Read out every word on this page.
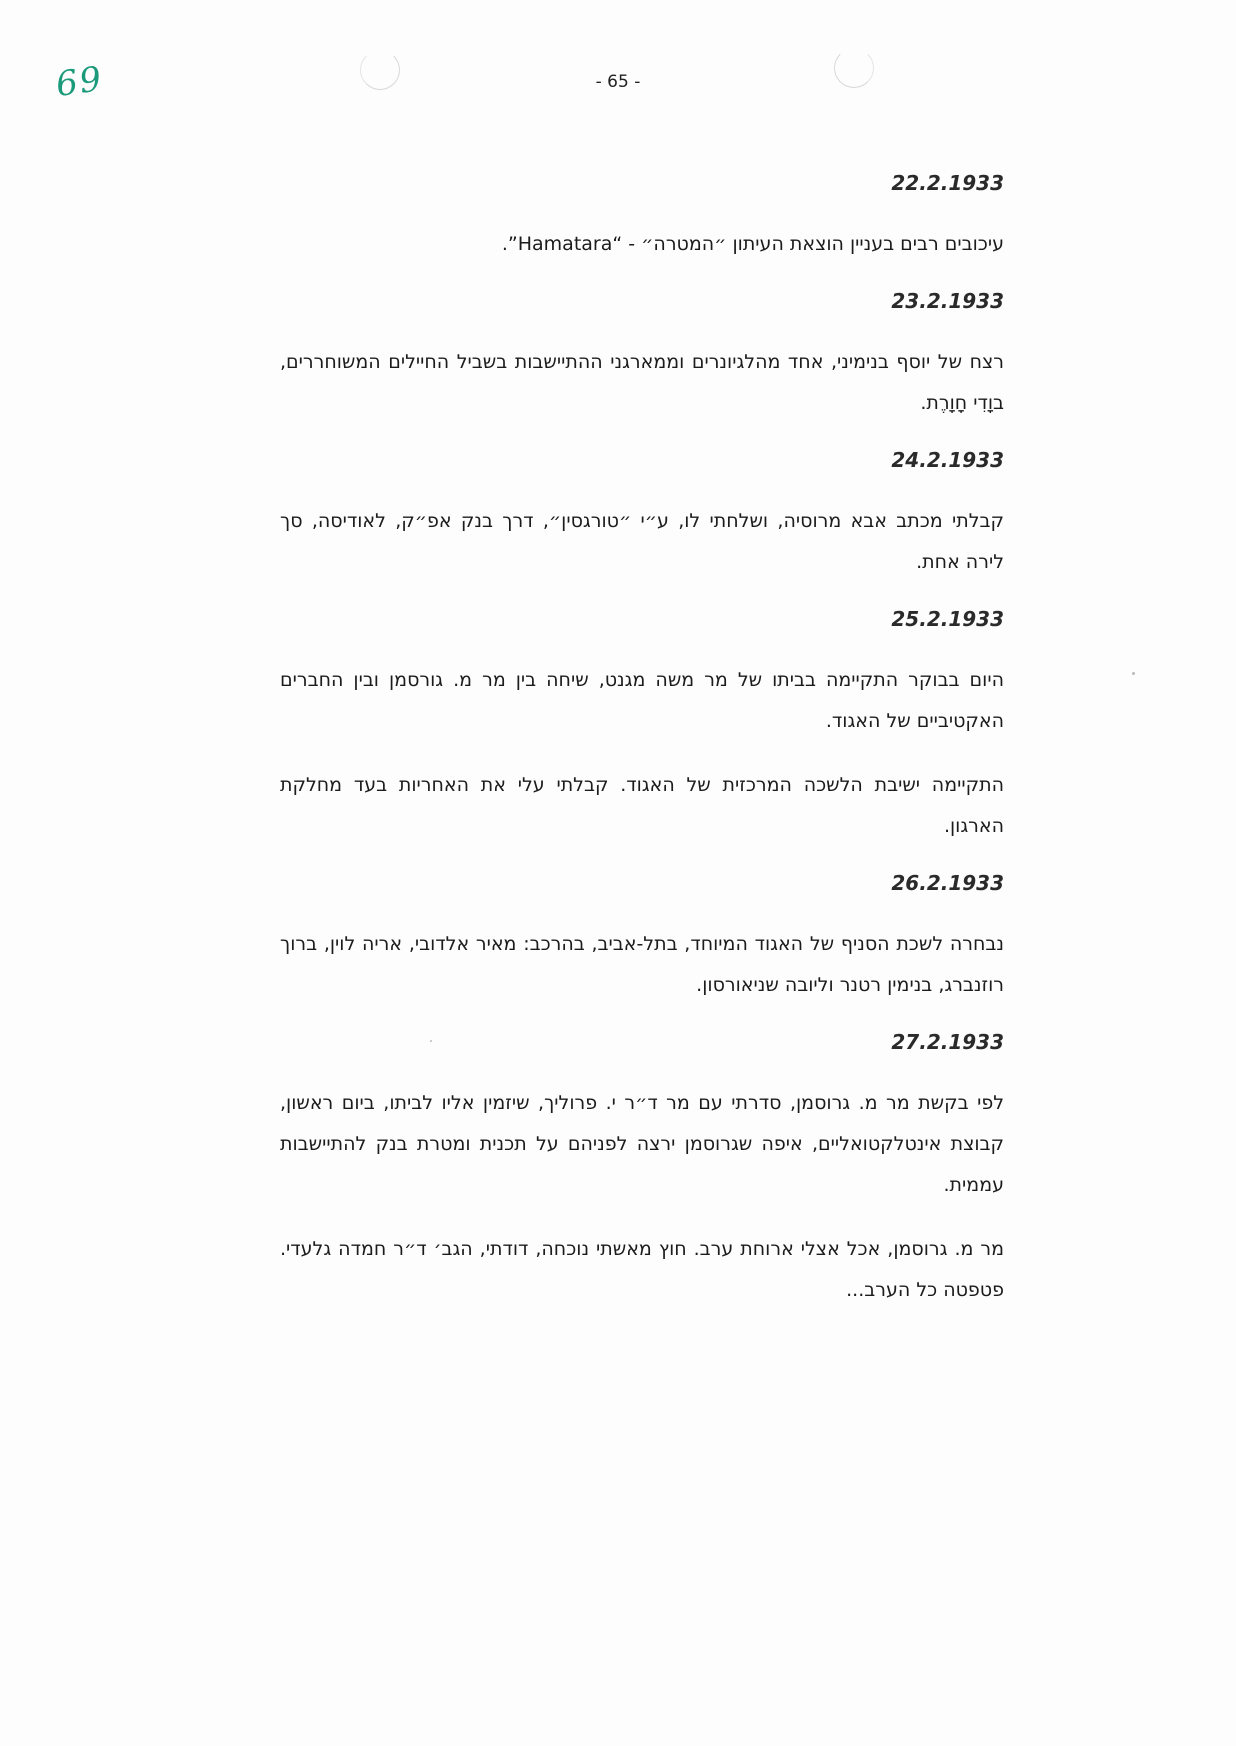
69	- 65 -
22.2.1933

עיכובים רבים בעניין הוצאת העיתון ״המטרה״ - “Hamatara”.

23.2.1933

רצח של יוסף בנימיני, אחד מהלגיונרים וממארגני ההתיישבות בשביל החיילים המשוחררים, בוָדִי חָוָרֶת.

24.2.1933

קבלתי מכתב אבא מרוסיה, ושלחתי לו, ע״י ״טורגסין״, דרך בנק אפ״ק, לאודיסה, סך לירה אחת.

25.2.1933

היום בבוקר התקיימה בביתו של מר משה מגנט, שיחה בין מר מ. גורסמן ובין החברים האקטיביים של האגוד.

התקיימה ישיבת הלשכה המרכזית של האגוד. קבלתי עלי את האחריות בעד מחלקת הארגון.

26.2.1933

נבחרה לשכת הסניף של האגוד המיוחד, בתל-אביב, בהרכב: מאיר אלדובי, אריה לוין, ברוך רוזנברג, בנימין רטנר וליובה שניאורסון.

27.2.1933

לפי בקשת מר מ. גרוסמן, סדרתי עם מר ד״ר י. פרוליך, שיזמין אליו לביתו, ביום ראשון, קבוצת אינטלקטואליים, איפה שגרוסמן ירצה לפניהם על תכנית ומטרת בנק להתיישבות עממית.

מר מ. גרוסמן, אכל אצלי ארוחת ערב. חוץ מאשתי נוכחה, דודתי, הגב׳ ד״ר חמדה גלעדי. פטפטה כל הערב...
